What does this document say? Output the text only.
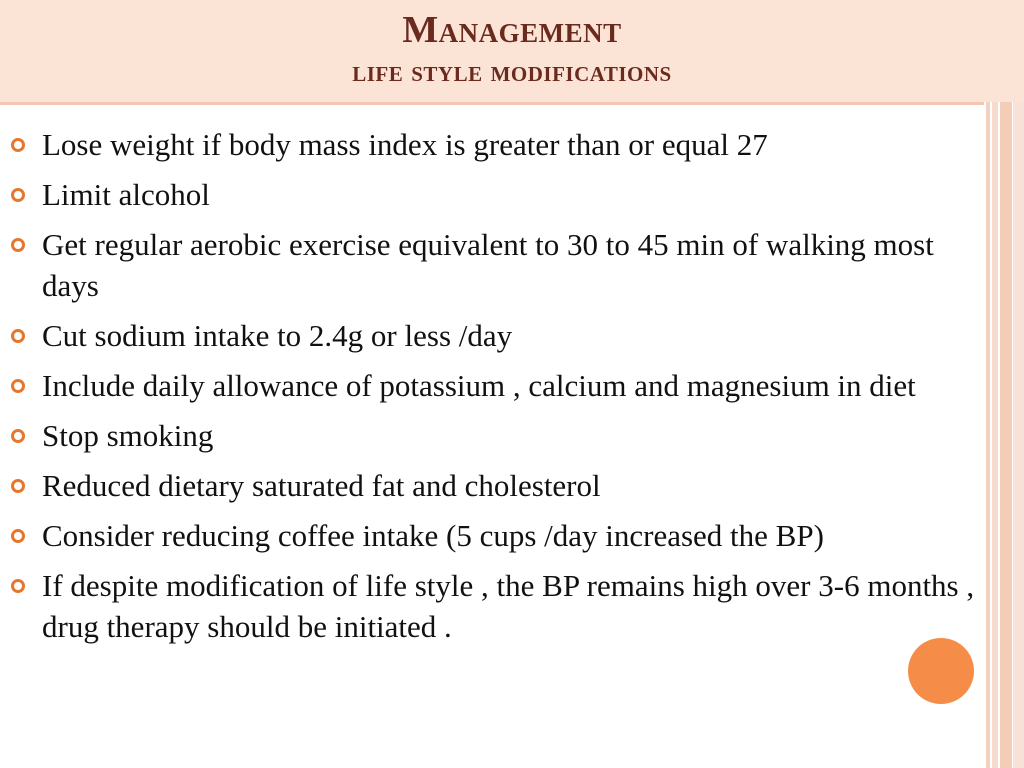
Management
life style modifications
Lose weight if body mass index is greater than or equal 27
Limit alcohol
Get regular aerobic exercise equivalent to 30 to 45 min of walking most days
Cut sodium intake to 2.4g or less /day
Include daily allowance of potassium , calcium and magnesium in diet
Stop smoking
Reduced dietary saturated fat and cholesterol
Consider reducing coffee intake (5 cups /day increased the BP)
If despite modification of life style , the BP remains high over 3-6 months , drug therapy should be initiated .
